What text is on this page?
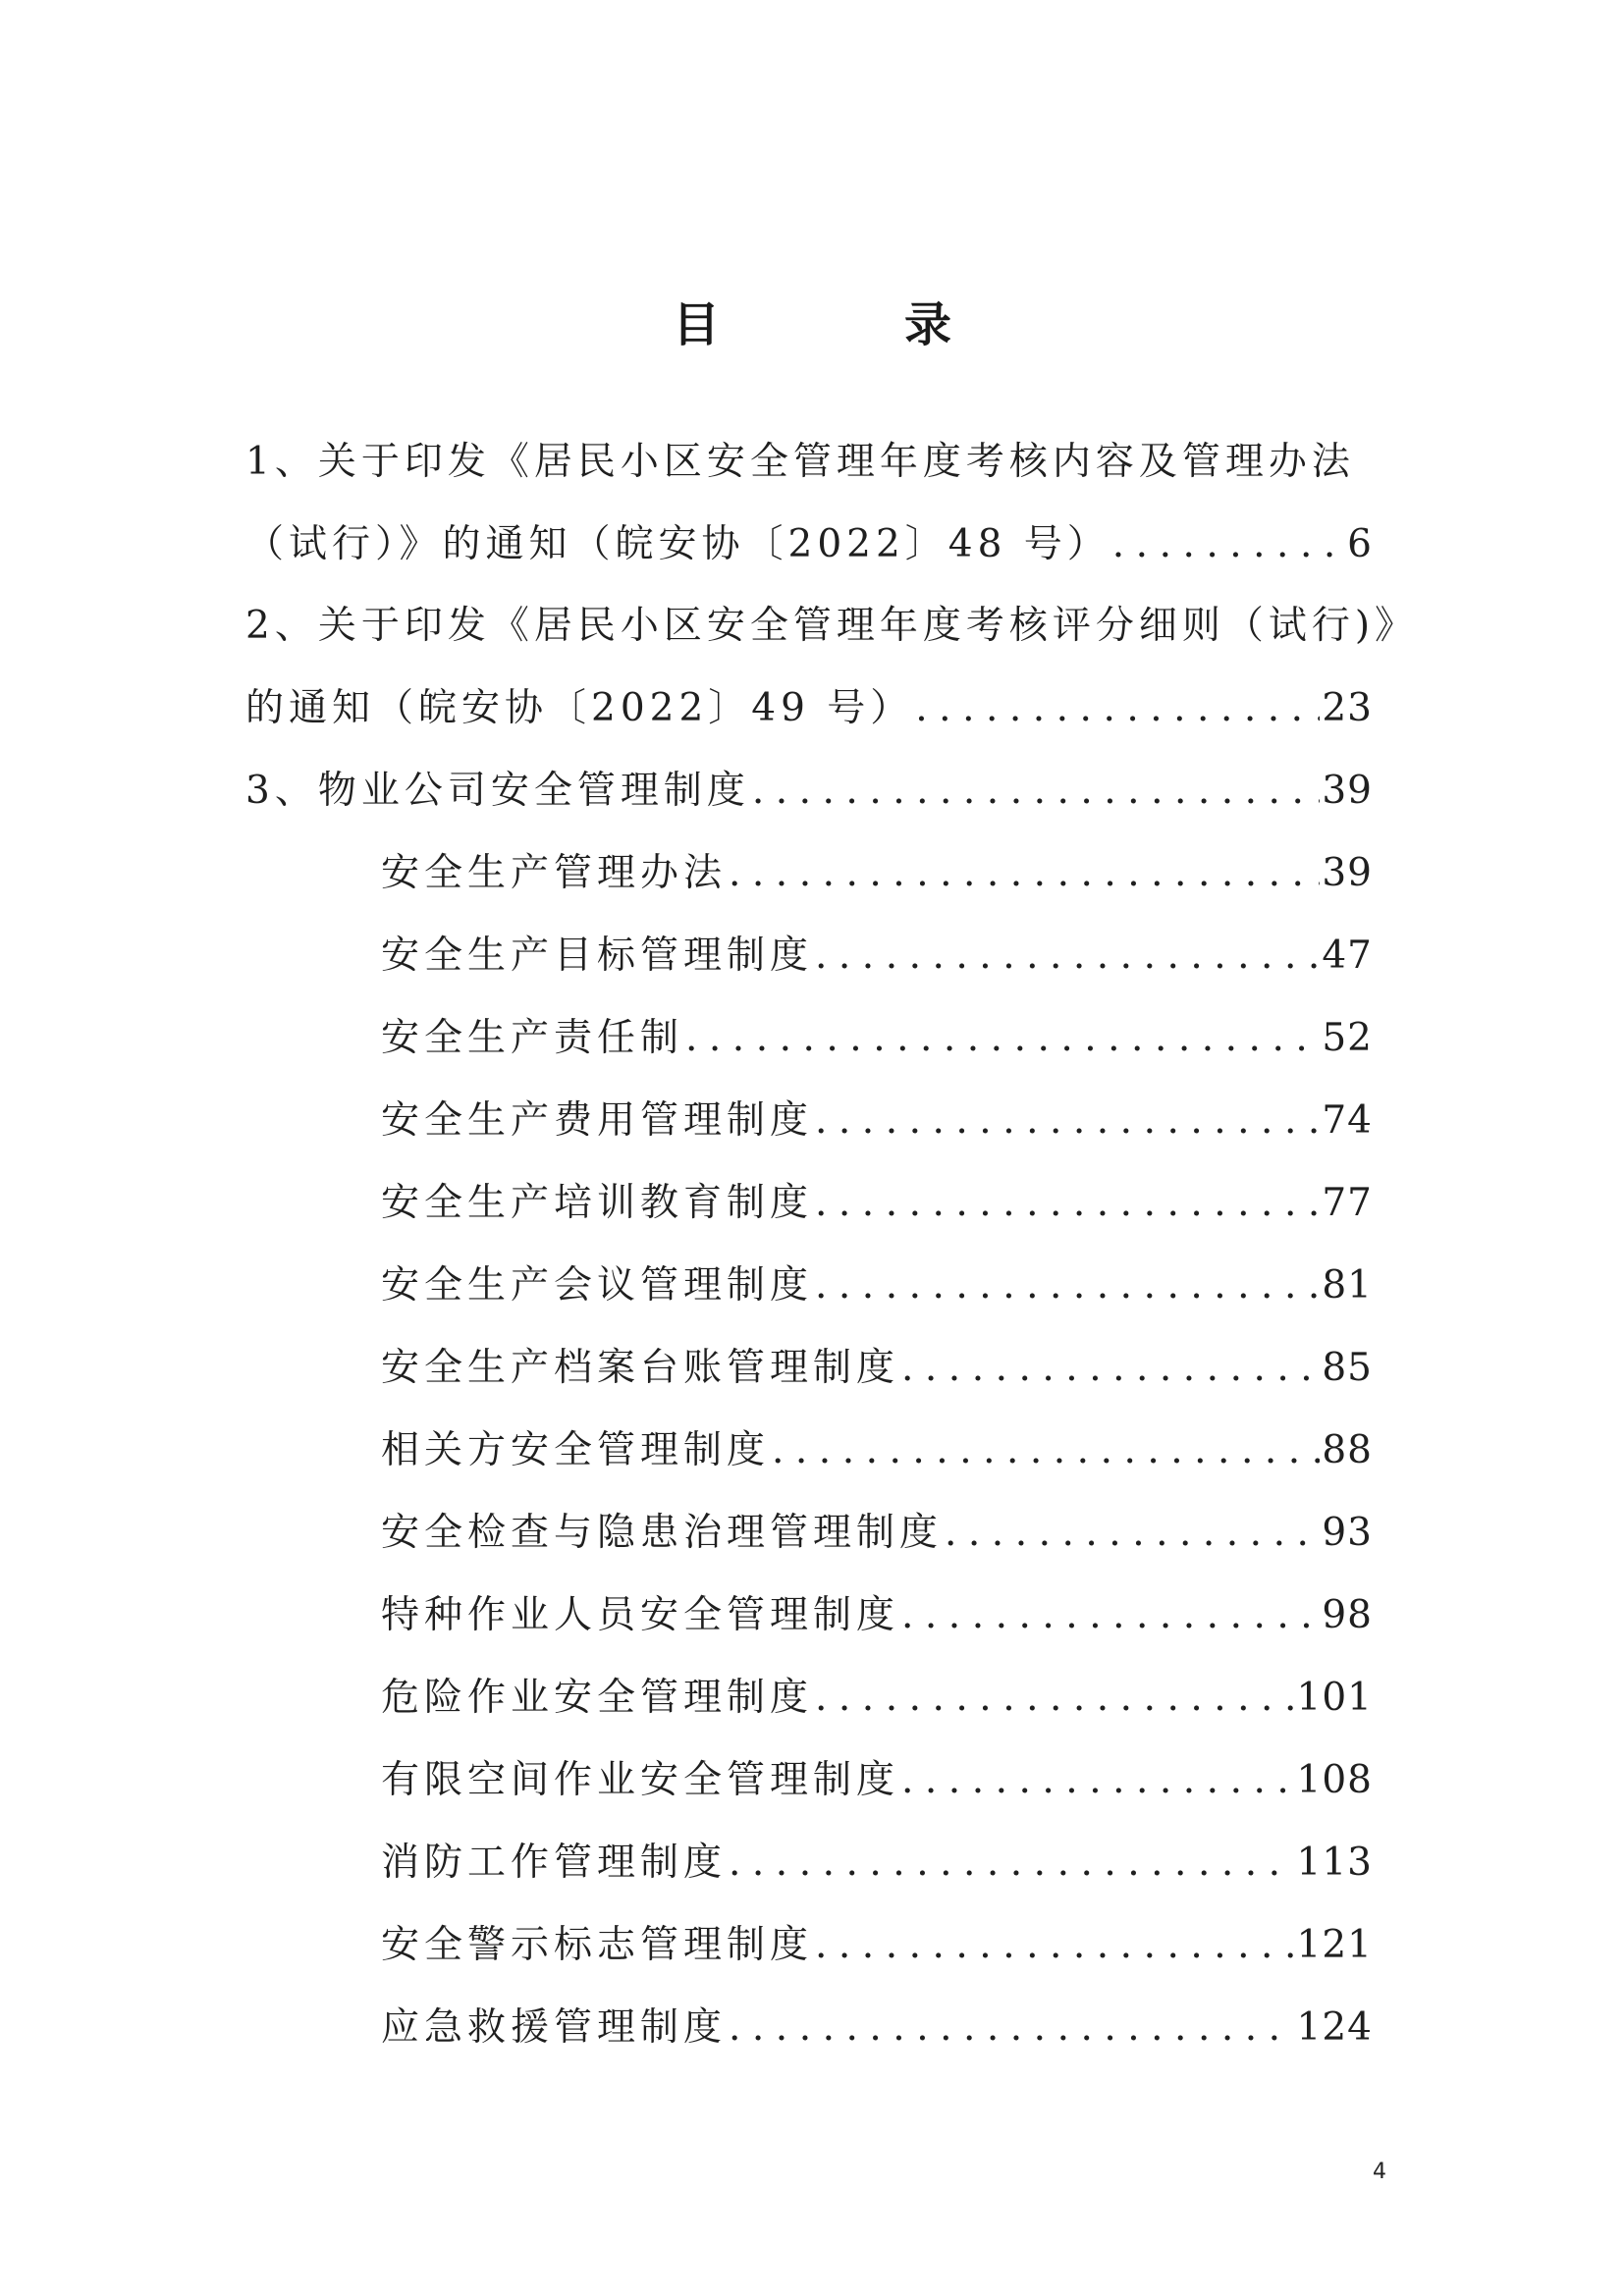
目　录
1、关于印发《居民小区安全管理年度考核内容及管理办法
（试行）》的通知（皖安协〔2022〕48 号） .....	6
2、关于印发《居民小区安全管理年度考核评分细则（试行)》
的通知（皖安协〔2022〕49 号） .....	23
3、物业公司安全管理制度 .....	39
安全生产管理办法 .....	39
安全生产目标管理制度 .....	47
安全生产责任制 .....	52
安全生产费用管理制度 .....	74
安全生产培训教育制度 .....	77
安全生产会议管理制度 .....	81
安全生产档案台账管理制度 .....	85
相关方安全管理制度 .....	88
安全检查与隐患治理管理制度 .....	93
特种作业人员安全管理制度 .....	98
危险作业安全管理制度 .....	101
有限空间作业安全管理制度 .....	108
消防工作管理制度 .....	113
安全警示标志管理制度 .....	121
应急救援管理制度 .....	124
4
